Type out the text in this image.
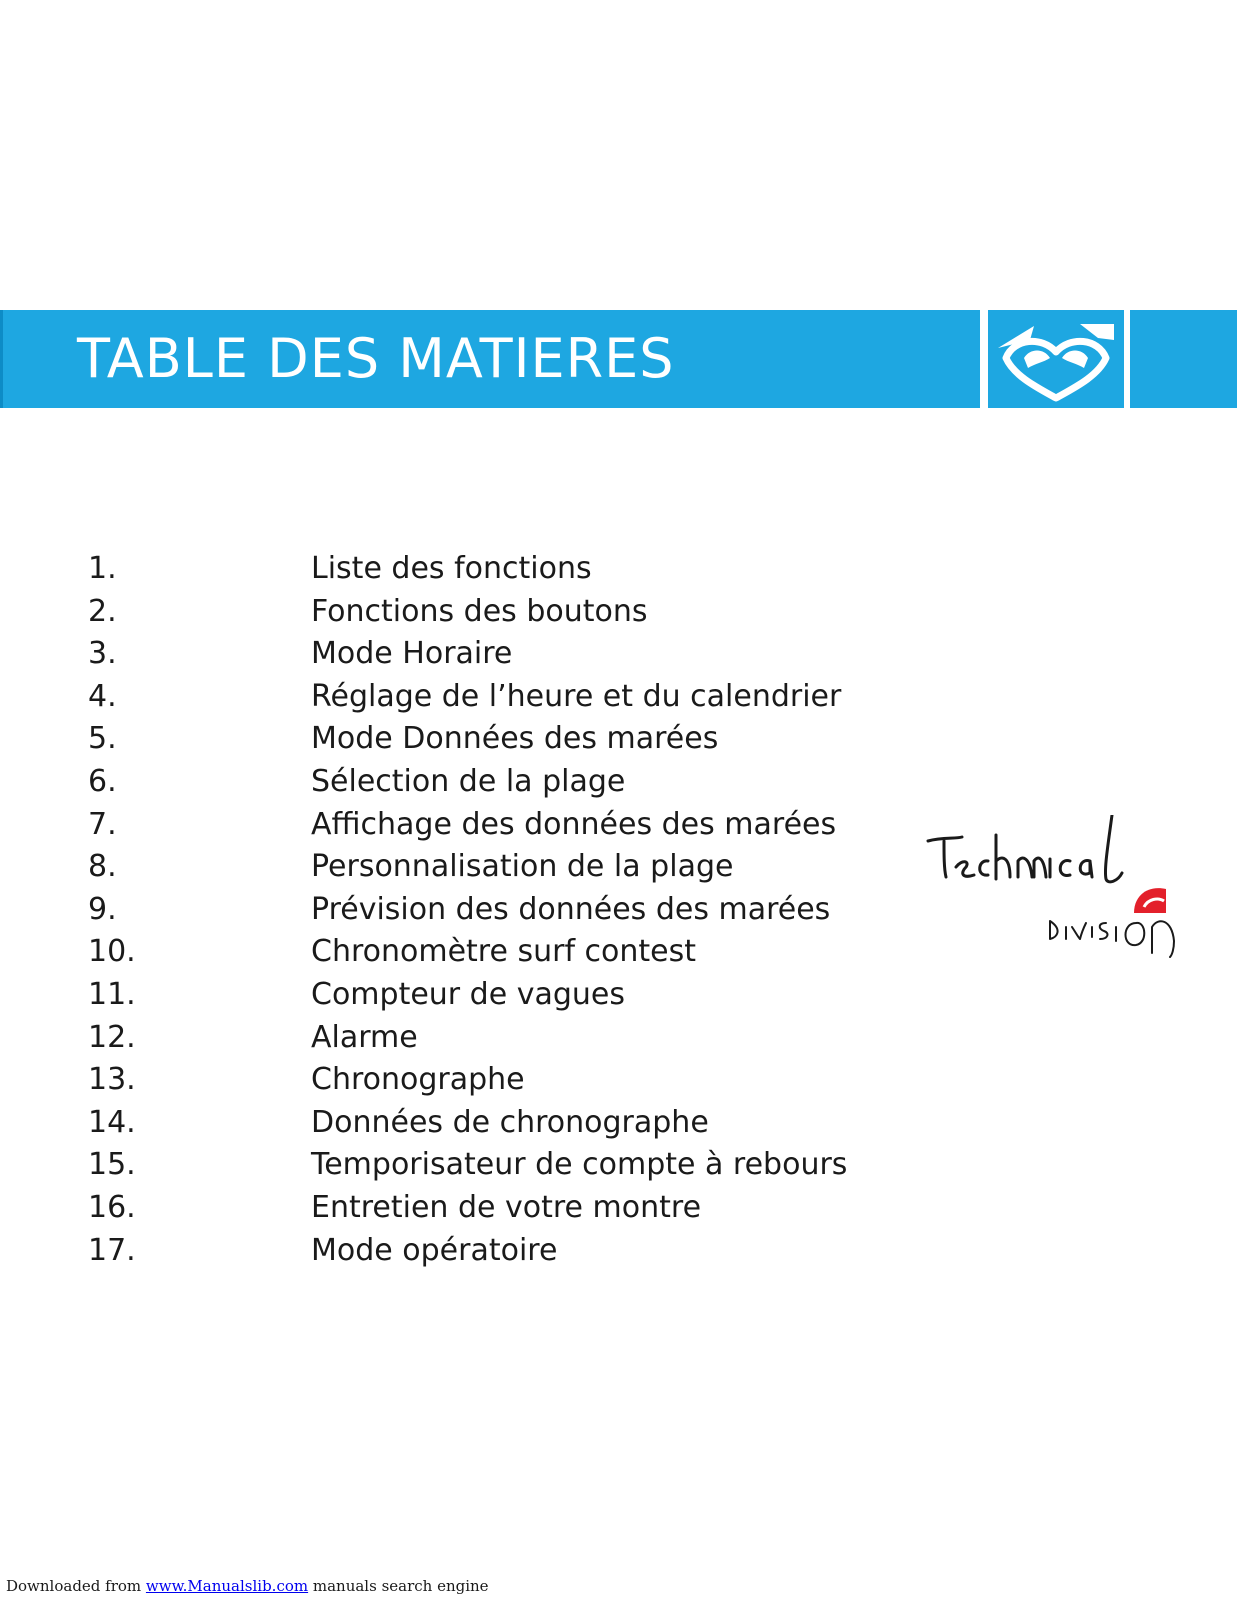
TABLE DES MATIERES
1.	Liste des fonctions
2.	Fonctions des boutons
3.	Mode Horaire
4.	Réglage de l’heure et du calendrier
5.	Mode Données des marées
6.	Sélection de la plage
7.	Affichage des données des marées
8.	Personnalisation de la plage
9.	Prévision des données des marées
10.	Chronomètre surf contest
11.	Compteur de vagues
12.	Alarme
13.	Chronographe
14.	Données de chronographe
15.	Temporisateur de compte à rebours
16.	Entretien de votre montre
17.	Mode opératoire
Downloaded from www.Manualslib.com manuals search engine
